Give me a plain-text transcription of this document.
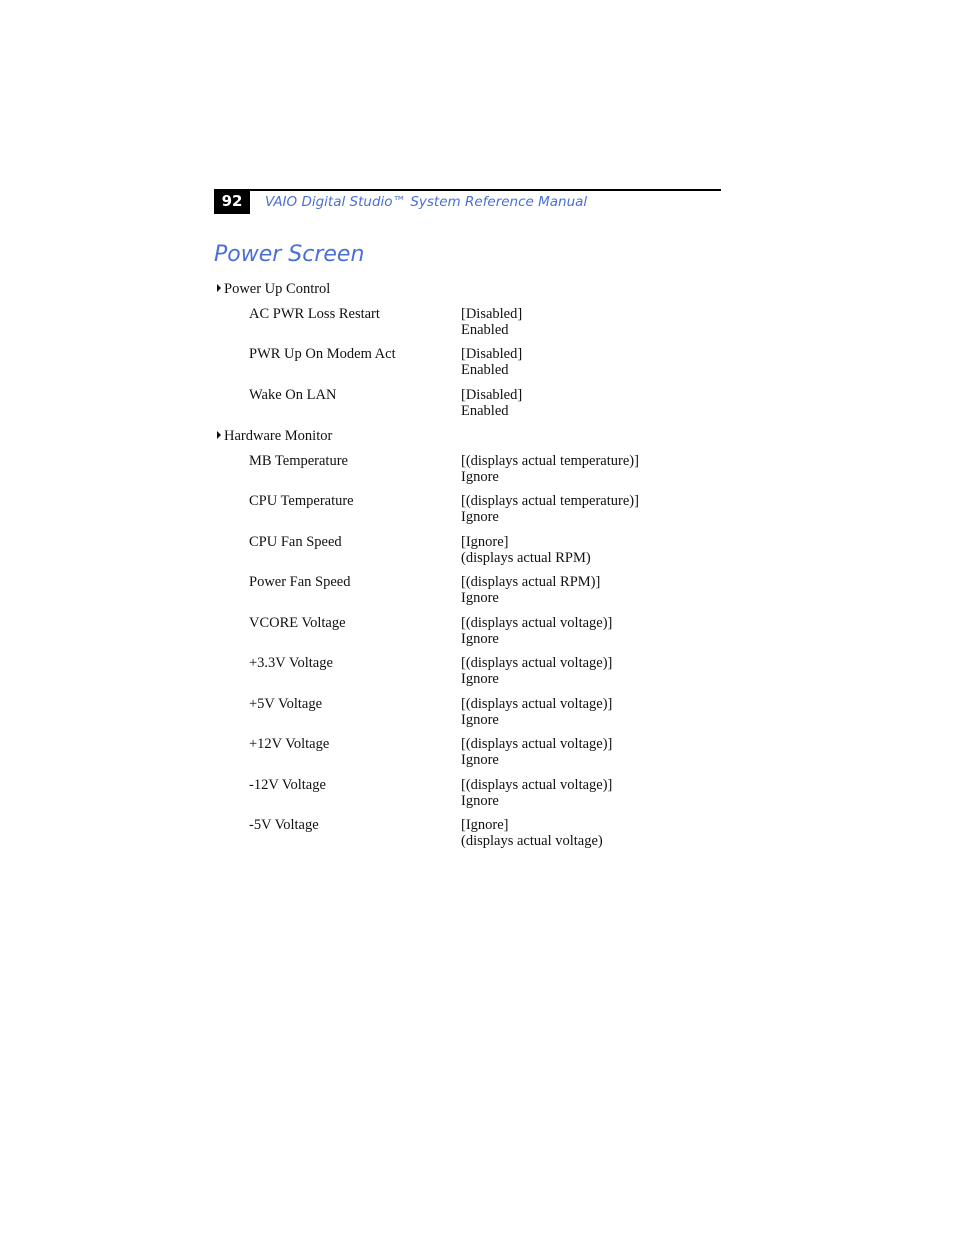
92	VAIO Digital Studio™ System Reference Manual
Power Screen
Power Up Control
AC PWR Loss Restart	[Disabled]
Enabled
PWR Up On Modem Act	[Disabled]
Enabled
Wake On LAN	[Disabled]
Enabled
Hardware Monitor
MB Temperature	[(displays actual temperature)]
Ignore
CPU Temperature	[(displays actual temperature)]
Ignore
CPU Fan Speed	[Ignore]
(displays actual RPM)
Power Fan Speed	[(displays actual RPM)]
Ignore
VCORE Voltage	[(displays actual voltage)]
Ignore
+3.3V Voltage	[(displays actual voltage)]
Ignore
+5V Voltage	[(displays actual voltage)]
Ignore
+12V Voltage	[(displays actual voltage)]
Ignore
-12V Voltage	[(displays actual voltage)]
Ignore
-5V Voltage	[Ignore]
(displays actual voltage)
